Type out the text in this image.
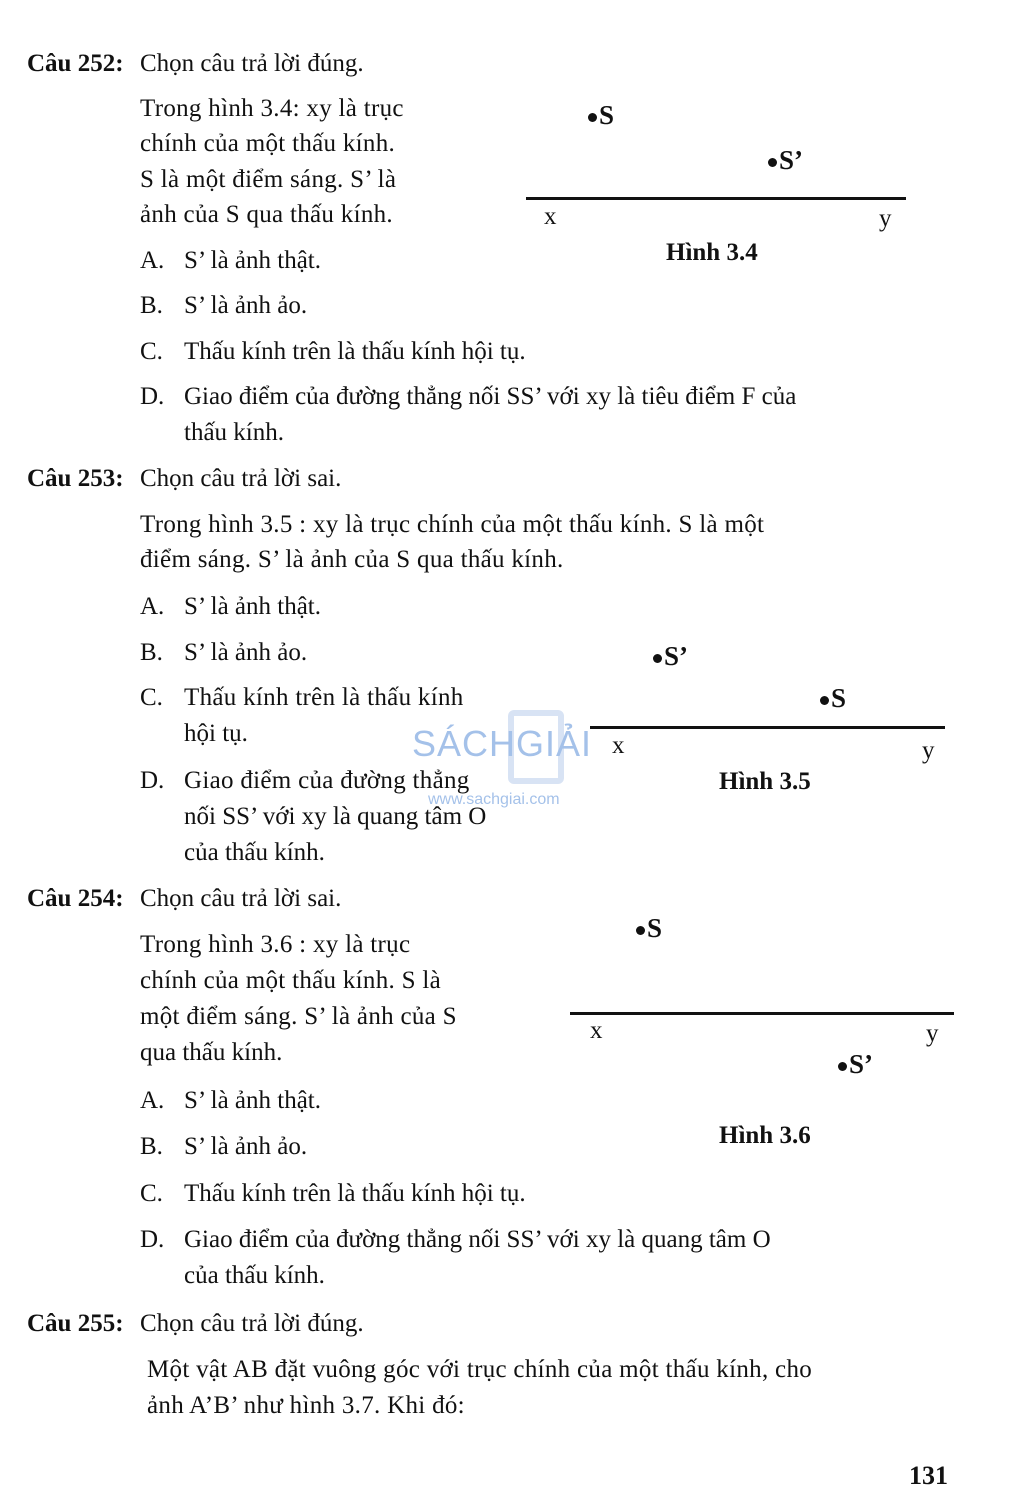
Câu 252: Chọn câu trả lời đúng.
Trong hình 3.4: xy là trục
chính của một thấu kính.
S là một điểm sáng. S’ là
ảnh của S qua thấu kính.
A. S’ là ảnh thật.
B. S’ là ảnh ảo.
C. Thấu kính trên là thấu kính hội tụ.
D. Giao điểm của đường thẳng nối SS’ với xy là tiêu điểm F của
thấu kính.
S
S’
x	y
Hình 3.4
Câu 253: Chọn câu trả lời sai.
Trong hình 3.5 : xy là trục chính của một thấu kính. S là một
điểm sáng. S’ là ảnh của S qua thấu kính.
A. S’ là ảnh thật.
B. S’ là ảnh ảo.
C. Thấu kính trên là thấu kính
hội tụ.
D. Giao điểm của đường thẳng
nối SS’ với xy là quang tâm O
của thấu kính.
S’
S
x	y
Hình 3.5
SÁCHGIẢI
www.sachgiai.com
Câu 254: Chọn câu trả lời sai.
Trong hình 3.6 : xy là trục
chính của một thấu kính. S là
một điểm sáng. S’ là ảnh của S
qua thấu kính.
A. S’ là ảnh thật.
B. S’ là ảnh ảo.
C. Thấu kính trên là thấu kính hội tụ.
D. Giao điểm của đường thẳng nối SS’ với xy là quang tâm O
của thấu kính.
S
x	y
S’
Hình 3.6
Câu 255: Chọn câu trả lời đúng.
Một vật AB đặt vuông góc với trục chính của một thấu kính, cho
ảnh A’B’ như hình 3.7. Khi đó:
131
